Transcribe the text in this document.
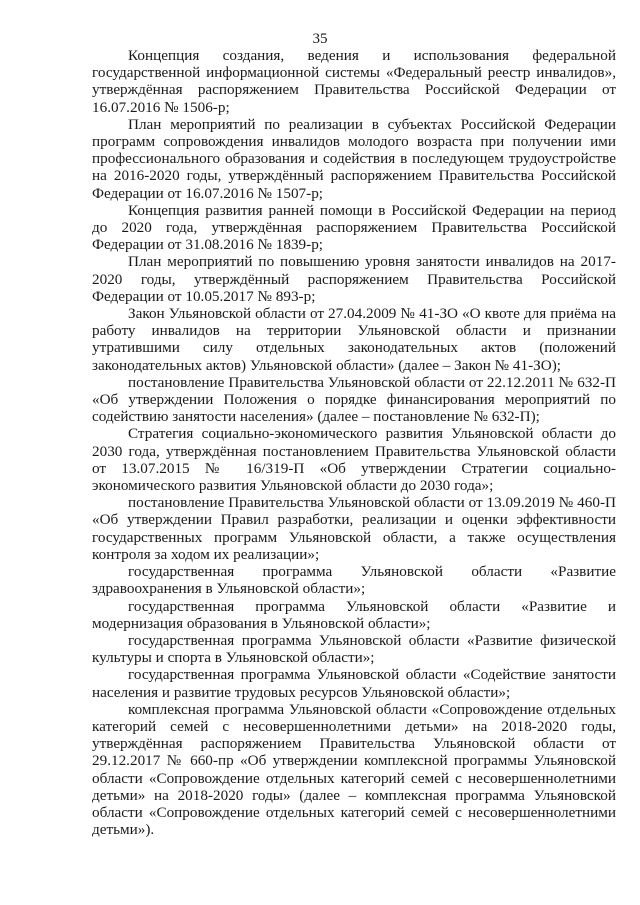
35

Концепция создания, ведения и использования федеральной государственной информационной системы «Федеральный реестр инвалидов», утверждённая распоряжением Правительства Российской Федерации от 16.07.2016 № 1506-р;

План мероприятий по реализации в субъектах Российской Федерации программ сопровождения инвалидов молодого возраста при получении ими профессионального образования и содействия в последующем трудоустройстве на 2016-2020 годы, утверждённый распоряжением Правительства Российской Федерации от 16.07.2016 № 1507-р;

Концепция развития ранней помощи в Российской Федерации на период до 2020 года, утверждённая распоряжением Правительства Российской Федерации от 31.08.2016 № 1839-р;

План мероприятий по повышению уровня занятости инвалидов на 2017-2020 годы, утверждённый распоряжением Правительства Российской Федерации от 10.05.2017 № 893-р;

Закон Ульяновской области от 27.04.2009 № 41-ЗО «О квоте для приёма на работу инвалидов на территории Ульяновской области и признании утратившими силу отдельных законодательных актов (положений законодательных актов) Ульяновской области» (далее – Закон № 41-ЗО);

постановление Правительства Ульяновской области от 22.12.2011 № 632-П «Об утверждении Положения о порядке финансирования мероприятий по содействию занятости населения» (далее – постановление № 632-П);

Стратегия социально-экономического развития Ульяновской области до 2030 года, утверждённая постановлением Правительства Ульяновской области от 13.07.2015 № 16/319-П «Об утверждении Стратегии социально-экономического развития Ульяновской области до 2030 года»;

постановление Правительства Ульяновской области от 13.09.2019 № 460-П «Об утверждении Правил разработки, реализации и оценки эффективности государственных программ Ульяновской области, а также осуществления контроля за ходом их реализации»;

государственная программа Ульяновской области «Развитие здравоохранения в Ульяновской области»;

государственная программа Ульяновской области «Развитие и модернизация образования в Ульяновской области»;

государственная программа Ульяновской области «Развитие физической культуры и спорта в Ульяновской области»;

государственная программа Ульяновской области «Содействие занятости населения и развитие трудовых ресурсов Ульяновской области»;

комплексная программа Ульяновской области «Сопровождение отдельных категорий семей с несовершеннолетними детьми» на 2018-2020 годы, утверждённая распоряжением Правительства Ульяновской области от 29.12.2017 № 660-пр «Об утверждении комплексной программы Ульяновской области «Сопровождение отдельных категорий семей с несовершеннолетними детьми» на 2018-2020 годы» (далее – комплексная программа Ульяновской области «Сопровождение отдельных категорий семей с несовершеннолетними детьми»).
